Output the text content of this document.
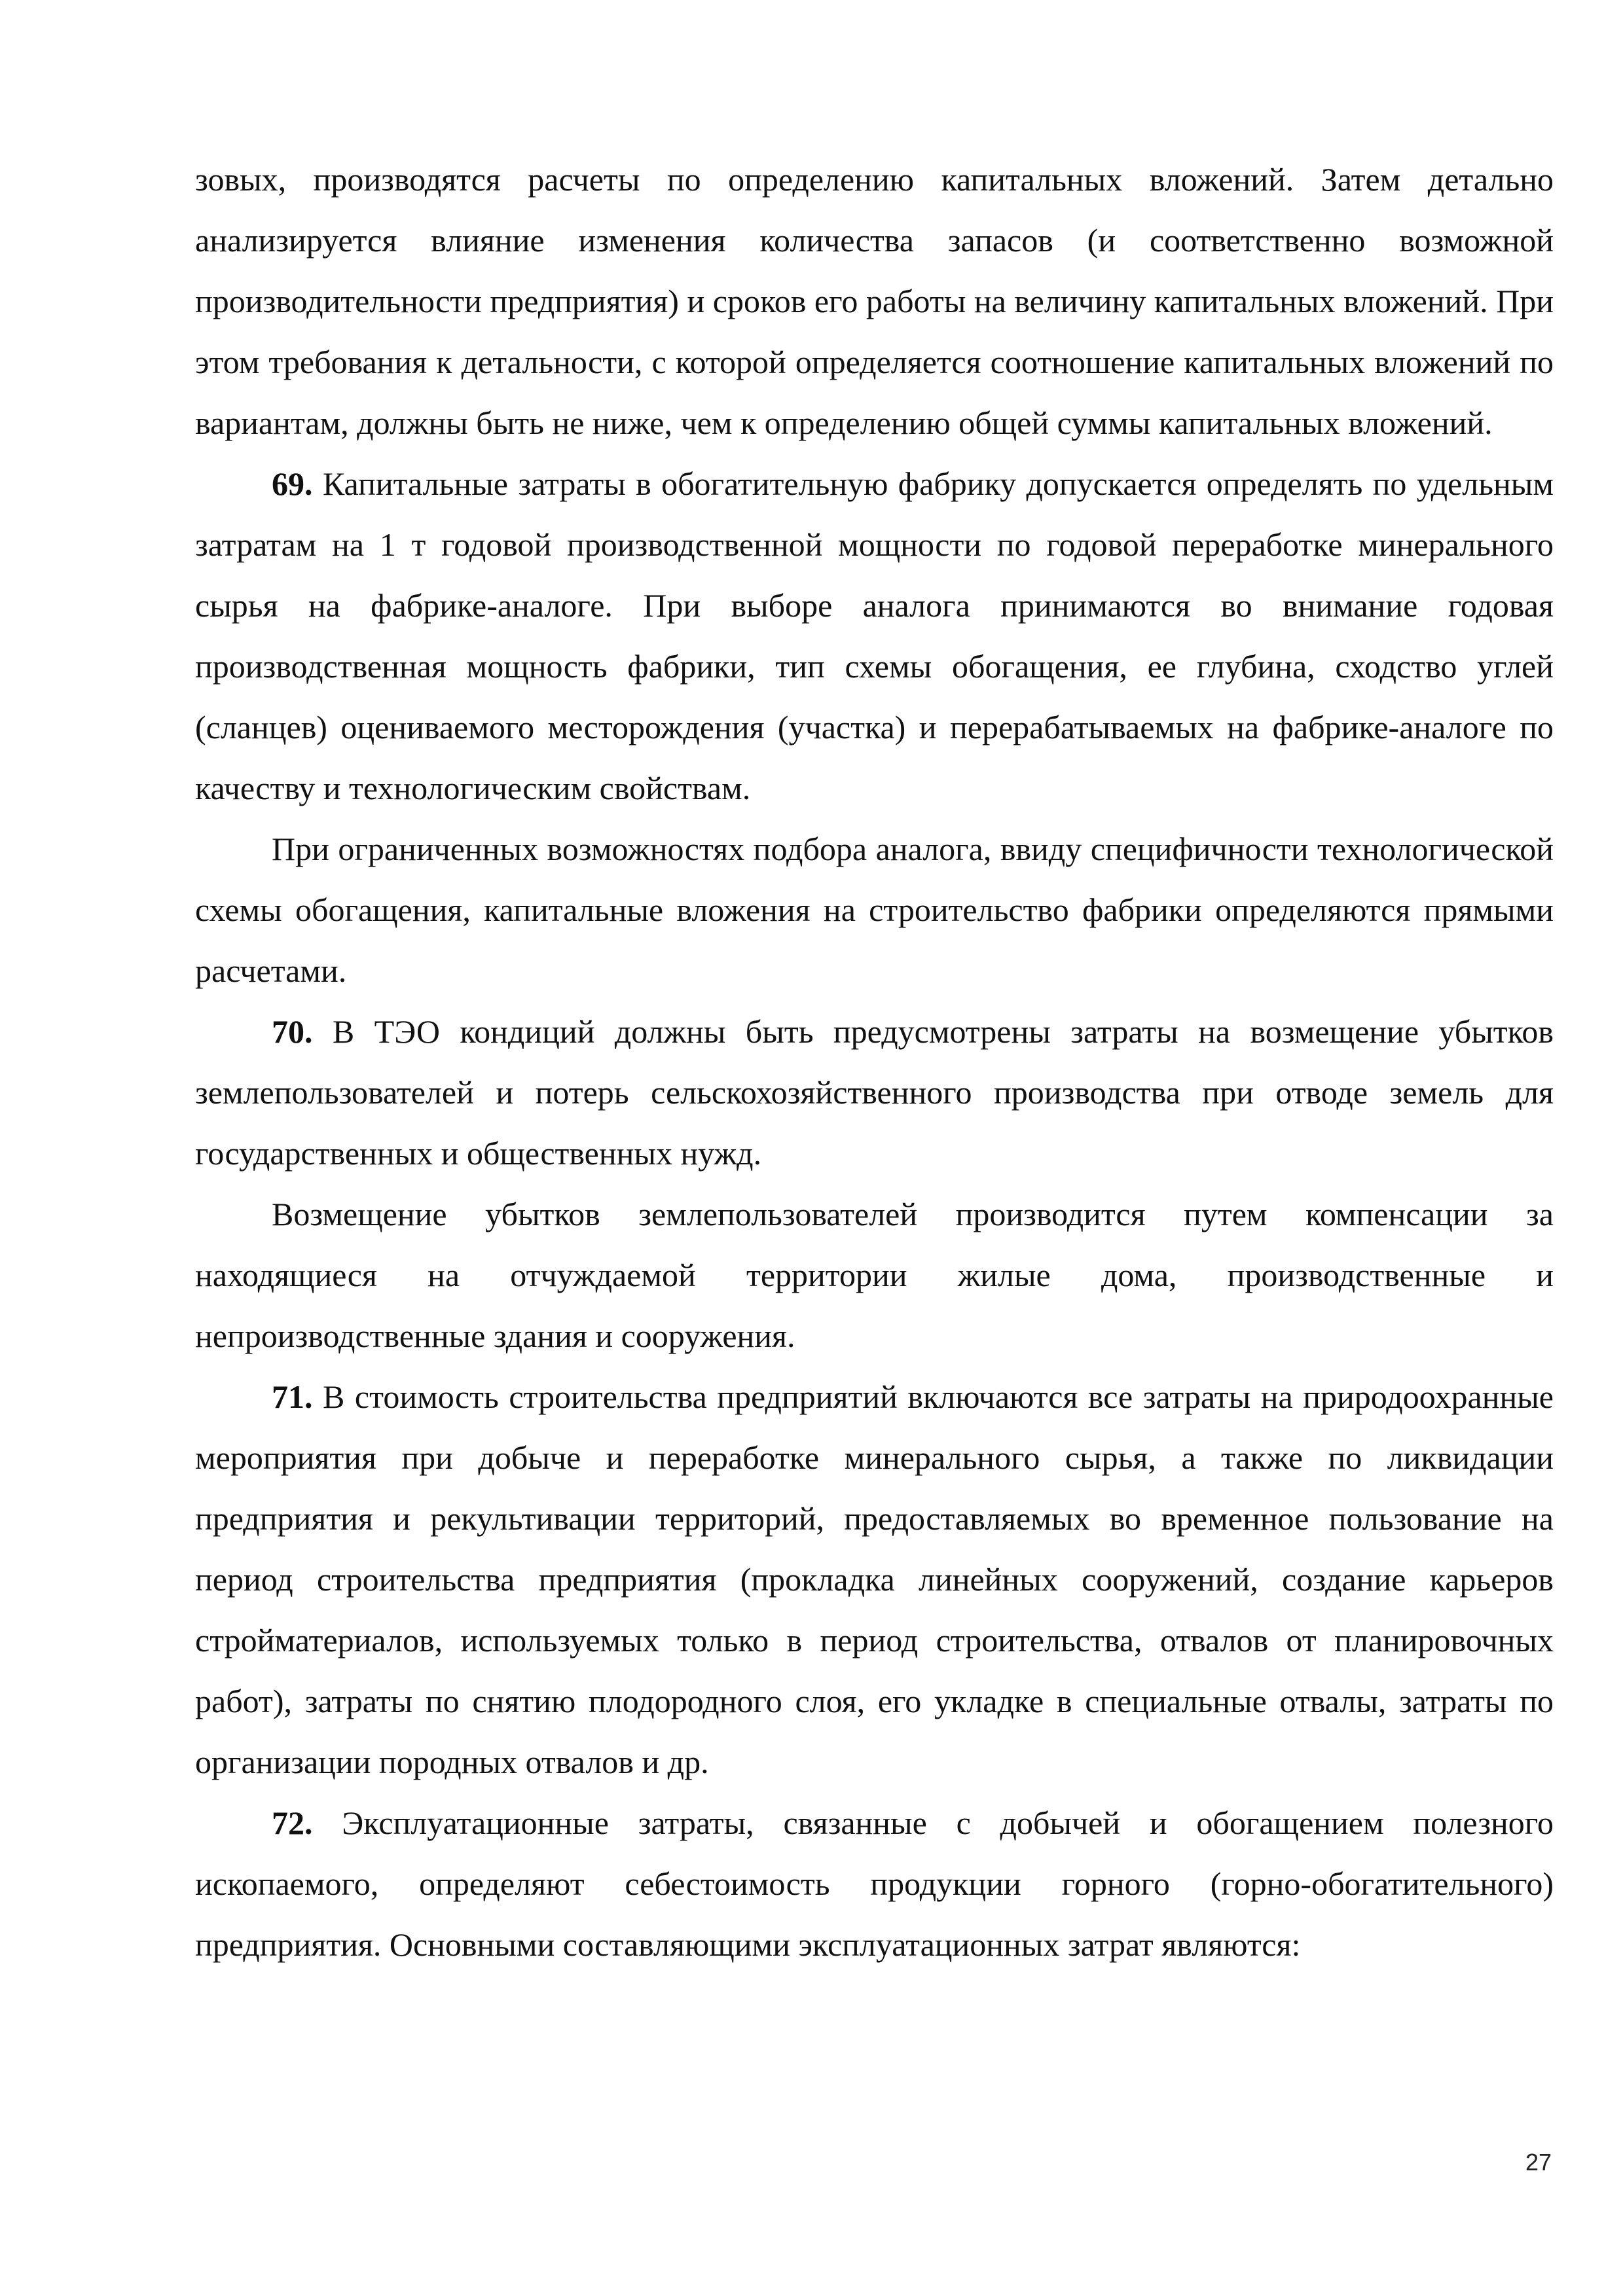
зовых, производятся расчеты по определению капитальных вложений. Затем детально анализируется влияние изменения количества запасов (и соответственно возможной производительности предприятия) и сроков его работы на величину капитальных вложений. При этом требования к детальности, с которой определяется соотношение капитальных вложений по вариантам, должны быть не ниже, чем к определению общей суммы капитальных вложений.

69. Капитальные затраты в обогатительную фабрику допускается определять по удельным затратам на 1 т годовой производственной мощности по годовой переработке минерального сырья на фабрике-аналоге. При выборе аналога принимаются во внимание годовая производственная мощность фабрики, тип схемы обогащения, ее глубина, сходство углей (сланцев) оцениваемого месторождения (участка) и перерабатываемых на фабрике-аналоге по качеству и технологическим свойствам.

При ограниченных возможностях подбора аналога, ввиду специфичности технологической схемы обогащения, капитальные вложения на строительство фабрики определяются прямыми расчетами.

70. В ТЭО кондиций должны быть предусмотрены затраты на возмещение убытков землепользователей и потерь сельскохозяйственного производства при отводе земель для государственных и общественных нужд.

Возмещение убытков землепользователей производится путем компенсации за находящиеся на отчуждаемой территории жилые дома, производственные и непроизводственные здания и сооружения.

71. В стоимость строительства предприятий включаются все затраты на природоохранные мероприятия при добыче и переработке минерального сырья, а также по ликвидации предприятия и рекультивации территорий, предоставляемых во временное пользование на период строительства предприятия (прокладка линейных сооружений, создание карьеров стройматериалов, используемых только в период строительства, отвалов от планировочных работ), затраты по снятию плодородного слоя, его укладке в специальные отвалы, затраты по организации породных отвалов и др.

72. Эксплуатационные затраты, связанные с добычей и обогащением полезного ископаемого, определяют себестоимость продукции горного (горно-обогатительного) предприятия. Основными составляющими эксплуатационных затрат являются:

27
